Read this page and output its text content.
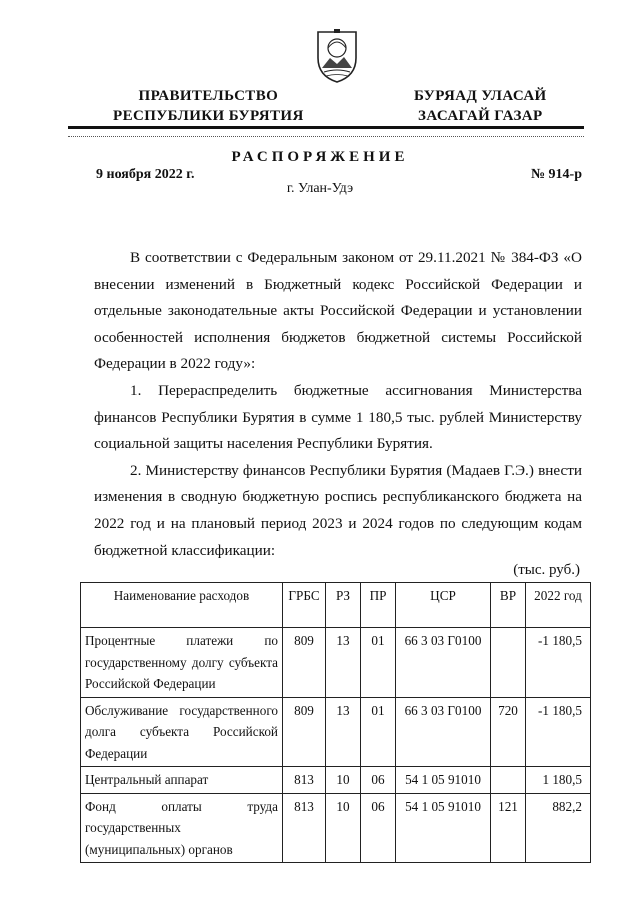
ПРАВИТЕЛЬСТВО
РЕСПУБЛИКИ БУРЯТИЯ
БУРЯАД УЛАСАЙ
ЗАСАГАЙ ГАЗАР
РАСПОРЯЖЕНИЕ
9 ноября 2022 г.	№ 914-р
г. Улан-Удэ

В соответствии с Федеральным законом от 29.11.2021 № 384-ФЗ «О внесении изменений в Бюджетный кодекс Российской Федерации и отдельные законодательные акты Российской Федерации и установлении особенностей исполнения бюджетов бюджетной системы Российской Федерации в 2022 году»:

1. Перераспределить бюджетные ассигнования Министерства финансов Республики Бурятия в сумме 1 180,5 тыс. рублей Министерству социальной защиты населения Республики Бурятия.

2. Министерству финансов Республики Бурятия (Мадаев Г.Э.) внести изменения в сводную бюджетную роспись республиканского бюджета на 2022 год и на плановый период 2023 и 2024 годов по следующим кодам бюджетной классификации:

(тыс. руб.)
Наименование расходов	ГРБС	РЗ	ПР	ЦСР	ВР	2022 год
Процентные платежи по государственному долгу субъекта Российской Федерации	809	13	01	66 3 03 Г0100		-1 180,5
Обслуживание государственного долга субъекта Российской Федерации	809	13	01	66 3 03 Г0100	720	-1 180,5
Центральный аппарат	813	10	06	54 1 05 91010		1 180,5
Фонд оплаты труда государственных (муниципальных) органов	813	10	06	54 1 05 91010	121	882,2
